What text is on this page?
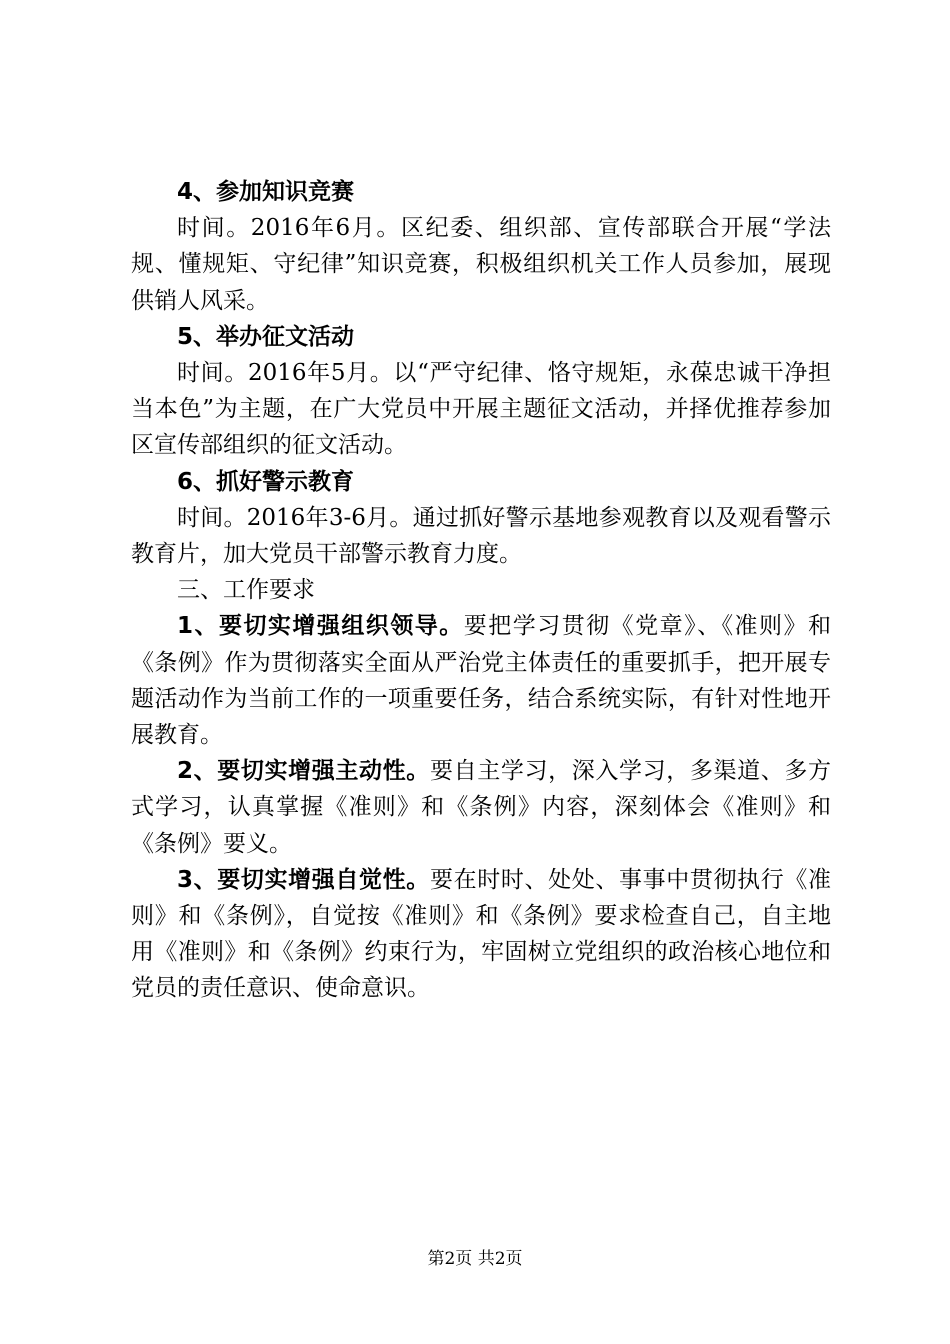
4、参加知识竞赛

时间。2016年6月。区纪委、组织部、宣传部联合开展“学法规、懂规矩、守纪律”知识竞赛，积极组织机关工作人员参加，展现供销人风采。

5、举办征文活动

时间。2016年5月。以“严守纪律、恪守规矩，永葆忠诚干净担当本色”为主题，在广大党员中开展主题征文活动，并择优推荐参加区宣传部组织的征文活动。

6、抓好警示教育

时间。2016年3-6月。通过抓好警示基地参观教育以及观看警示教育片，加大党员干部警示教育力度。

三、工作要求

1、要切实增强组织领导。要把学习贯彻《党章》、《准则》和《条例》作为贯彻落实全面从严治党主体责任的重要抓手，把开展专题活动作为当前工作的一项重要任务，结合系统实际，有针对性地开展教育。

2、要切实增强主动性。要自主学习，深入学习，多渠道、多方式学习，认真掌握《准则》和《条例》内容，深刻体会《准则》和《条例》要义。

3、要切实增强自觉性。要在时时、处处、事事中贯彻执行《准则》和《条例》，自觉按《准则》和《条例》要求检查自己，自主地用《准则》和《条例》约束行为，牢固树立党组织的政治核心地位和党员的责任意识、使命意识。

第2页 共2页
